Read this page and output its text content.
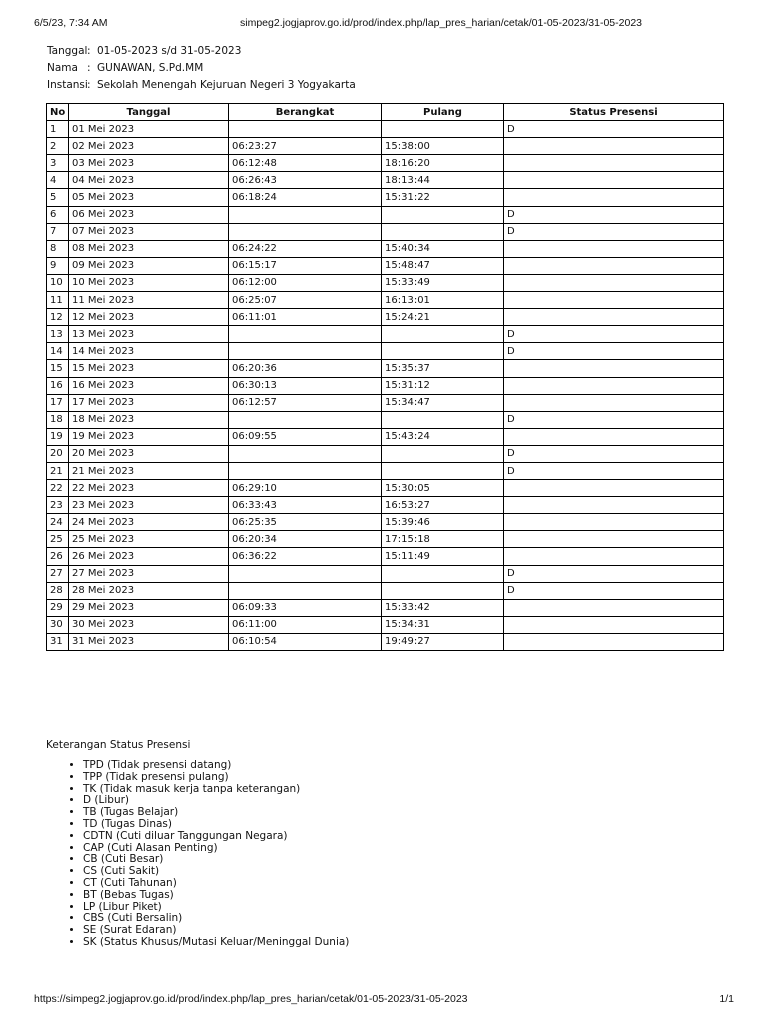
6/5/23, 7:34 AM	simpeg2.jogjaprov.go.id/prod/index.php/lap_pres_harian/cetak/01-05-2023/31-05-2023
Tanggal : 01-05-2023 s/d 31-05-2023
Nama : GUNAWAN, S.Pd.MM
Instansi : Sekolah Menengah Kejuruan Negeri 3 Yogyakarta
No	Tanggal	Berangkat	Pulang	Status Presensi
1	01 Mei 2023			D
2	02 Mei 2023	06:23:27	15:38:00	
3	03 Mei 2023	06:12:48	18:16:20	
4	04 Mei 2023	06:26:43	18:13:44	
5	05 Mei 2023	06:18:24	15:31:22	
6	06 Mei 2023			D
7	07 Mei 2023			D
8	08 Mei 2023	06:24:22	15:40:34	
9	09 Mei 2023	06:15:17	15:48:47	
10	10 Mei 2023	06:12:00	15:33:49	
11	11 Mei 2023	06:25:07	16:13:01	
12	12 Mei 2023	06:11:01	15:24:21	
13	13 Mei 2023			D
14	14 Mei 2023			D
15	15 Mei 2023	06:20:36	15:35:37	
16	16 Mei 2023	06:30:13	15:31:12	
17	17 Mei 2023	06:12:57	15:34:47	
18	18 Mei 2023			D
19	19 Mei 2023	06:09:55	15:43:24	
20	20 Mei 2023			D
21	21 Mei 2023			D
22	22 Mei 2023	06:29:10	15:30:05	
23	23 Mei 2023	06:33:43	16:53:27	
24	24 Mei 2023	06:25:35	15:39:46	
25	25 Mei 2023	06:20:34	17:15:18	
26	26 Mei 2023	06:36:22	15:11:49	
27	27 Mei 2023			D
28	28 Mei 2023			D
29	29 Mei 2023	06:09:33	15:33:42	
30	30 Mei 2023	06:11:00	15:34:31	
31	31 Mei 2023	06:10:54	19:49:27	
Keterangan Status Presensi
• TPD (Tidak presensi datang)
• TPP (Tidak presensi pulang)
• TK (Tidak masuk kerja tanpa keterangan)
• D (Libur)
• TB (Tugas Belajar)
• TD (Tugas Dinas)
• CDTN (Cuti diluar Tanggungan Negara)
• CAP (Cuti Alasan Penting)
• CB (Cuti Besar)
• CS (Cuti Sakit)
• CT (Cuti Tahunan)
• BT (Bebas Tugas)
• LP (Libur Piket)
• CBS (Cuti Bersalin)
• SE (Surat Edaran)
• SK (Status Khusus/Mutasi Keluar/Meninggal Dunia)
https://simpeg2.jogjaprov.go.id/prod/index.php/lap_pres_harian/cetak/01-05-2023/31-05-2023	1/1
